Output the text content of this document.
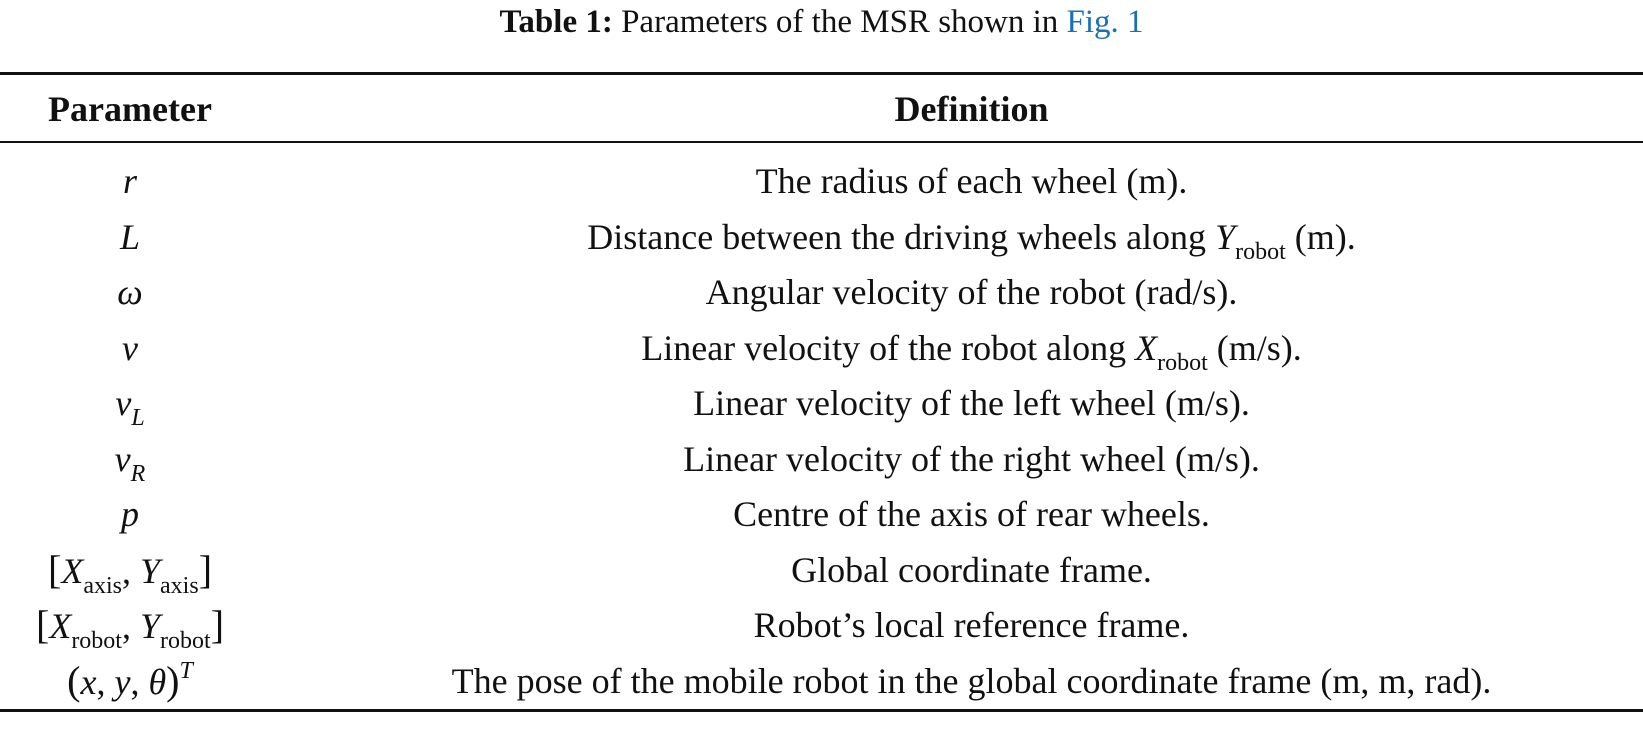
Table 1: Parameters of the MSR shown in Fig. 1
Parameter	Definition
r	The radius of each wheel (m).
L	Distance between the driving wheels along $Y_{robot}$ (m).
ω	Angular velocity of the robot (rad/s).
v	Linear velocity of the robot along $X_{robot}$ (m/s).
$v_L$	Linear velocity of the left wheel (m/s).
$v_R$	Linear velocity of the right wheel (m/s).
p	Centre of the axis of rear wheels.
[$X_{axis}$, $Y_{axis}$]	Global coordinate frame.
[$X_{robot}$, $Y_{robot}$]	Robot’s local reference frame.
(x, y, θ)$^T$	The pose of the mobile robot in the global coordinate frame (m, m, rad).
